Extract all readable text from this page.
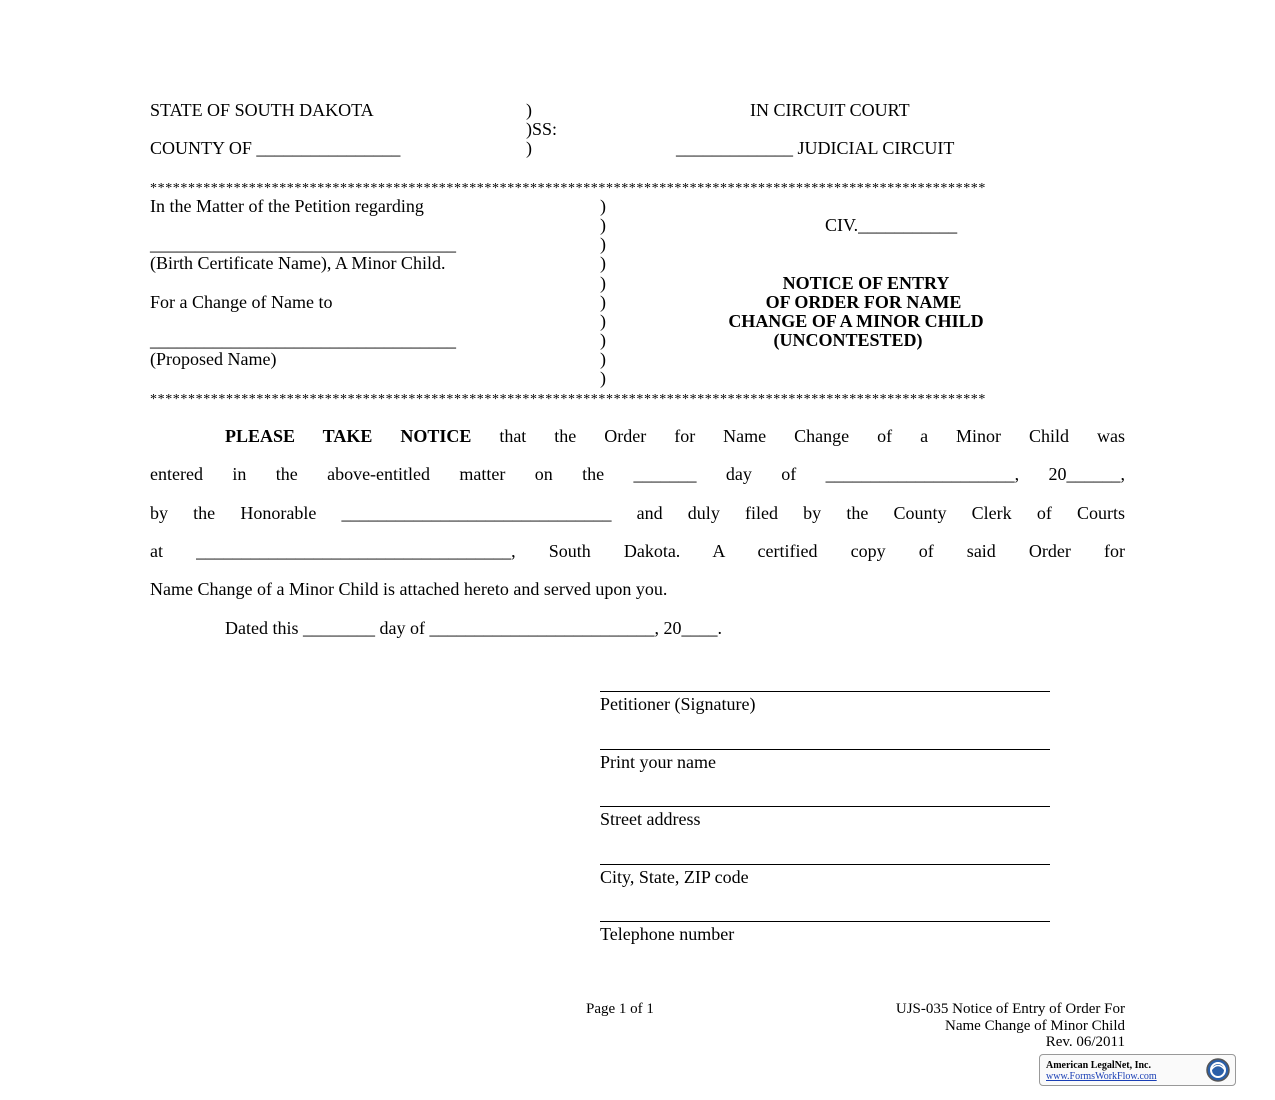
STATE OF SOUTH DAKOTA
COUNTY OF ________________
)
)SS:
)
IN CIRCUIT COURT
_____________ JUDICIAL CIRCUIT
**************************************************************************************************************
In the Matter of the Petition regarding
__________________________________
(Birth Certificate Name), A Minor Child.
For a Change of Name to
__________________________________
(Proposed Name)
)
)
)
)
)
)
)
)
)
)
CIV.___________
NOTICE OF ENTRY
OF ORDER FOR NAME
CHANGE OF A MINOR CHILD
(UNCONTESTED)
**************************************************************************************************************
PLEASE TAKE NOTICE that the Order for Name Change of a Minor Child was
entered in the above-entitled matter on the _______ day of _____________________, 20______,
by the Honorable ______________________________ and duly filed by the County Clerk of Courts
at ___________________________________, South Dakota. A certified copy of said Order for
Name Change of a Minor Child is attached hereto and served upon you.
Dated this ________ day of _________________________, 20____.
Petitioner (Signature)
Print your name
Street address
City, State, ZIP code
Telephone number
Page 1 of 1	UJS-035 Notice of Entry of Order For
Name Change of Minor Child
Rev. 06/2011
American LegalNet, Inc.
www.FormsWorkFlow.com
